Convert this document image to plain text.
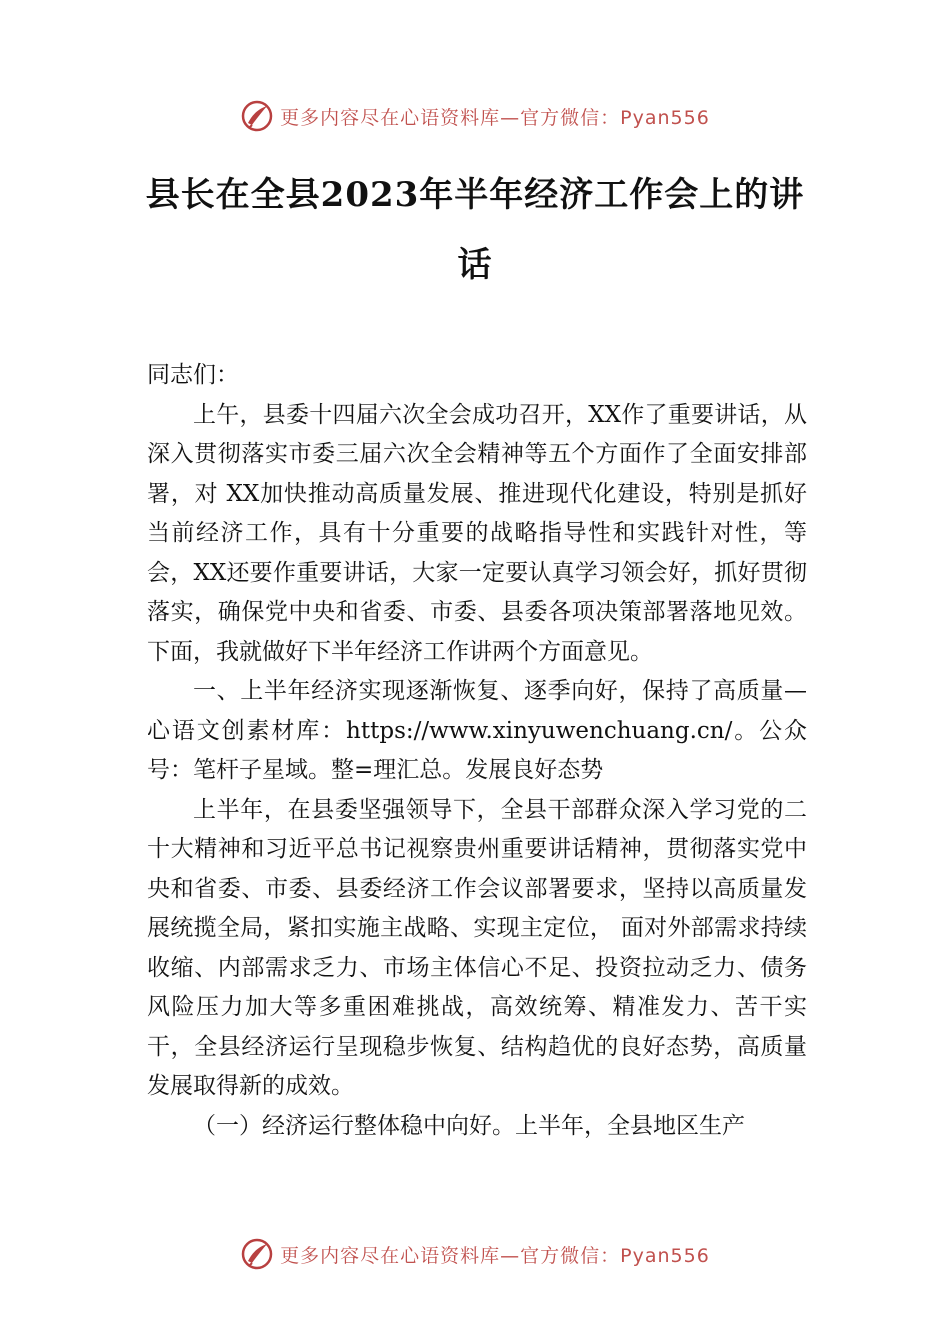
更多内容尽在心语资料库—官方微信：Pyan556
县长在全县2023年半年经济工作会上的讲话

同志们：

上午，县委十四届六次全会成功召开，XX作了重要讲话，从深入贯彻落实市委三届六次全会精神等五个方面作了全面安排部署，对 XX加快推动高质量发展、推进现代化建设，特别是抓好当前经济工作，具有十分重要的战略指导性和实践针对性，等会，XX还要作重要讲话，大家一定要认真学习领会好，抓好贯彻落实，确保党中央和省委、市委、县委各项决策部署落地见效。下面，我就做好下半年经济工作讲两个方面意见。

一、上半年经济实现逐渐恢复、逐季向好，保持了高质量—心语文创素材库：https://www.xinyuwenchuang.cn/。公众号：笔杆子星域。整=理汇总。发展良好态势

上半年，在县委坚强领导下，全县干部群众深入学习党的二十大精神和习近平总书记视察贵州重要讲话精神，贯彻落实党中央和省委、市委、县委经济工作会议部署要求，坚持以高质量发展统揽全局，紧扣实施主战略、实现主定位， 面对外部需求持续收缩、内部需求乏力、市场主体信心不足、投资拉动乏力、债务风险压力加大等多重困难挑战，高效统筹、精准发力、苦干实干，全县经济运行呈现稳步恢复、结构趋优的良好态势，高质量发展取得新的成效。

（一）经济运行整体稳中向好。上半年，全县地区生产

更多内容尽在心语资料库—官方微信：Pyan556
